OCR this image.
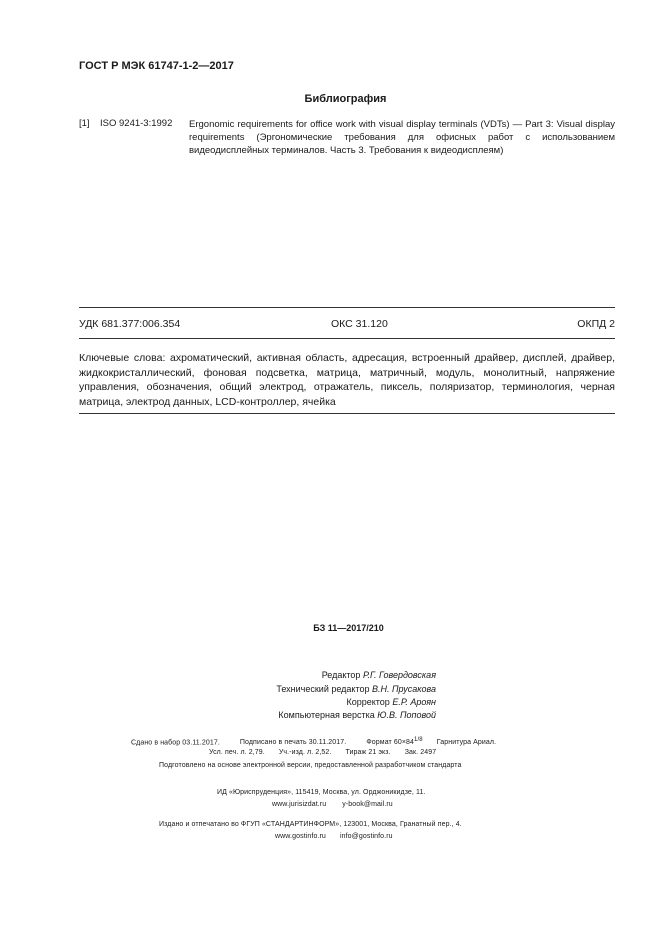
ГОСТ Р МЭК 61747-1-2—2017
Библиография
[1] ISO 9241-3:1992 Ergonomic requirements for office work with visual display terminals (VDTs) — Part 3: Visual display requirements (Эргономические требования для офисных работ с использованием видеодисплейных терминалов. Часть 3. Требования к видеодисплеям)
УДК 681.377:006.354	ОКС 31.120	ОКПД 2
Ключевые слова: ахроматический, активная область, адресация, встроенный драйвер, дисплей, драйвер, жидкокристаллический, фоновая подсветка, матрица, матричный, модуль, монолитный, напряжение управления, обозначения, общий электрод, отражатель, пиксель, поляризатор, терминология, черная матрица, электрод данных, LCD-контроллер, ячейка
БЗ 11—2017/210
Редактор Р.Г. Говердовская
Технический редактор В.Н. Прусакова
Корректор Е.Р. Ароян
Компьютерная верстка Ю.В. Поповой
Сдано в набор 03.11.2017.	Подписано в печать 30.11.2017.	Формат $60\times 84^{1/8}$ Гарнитура Ариал.
Усл. печ. л. 2,79. Уч.-изд. л. 2,52. Тираж 21 экз. Зак. 2497
Подготовлено на основе электронной версии, предоставленной разработчиком стандарта
ИД «Юриспруденция», 115419, Москва, ул. Орджоникидзе, 11.
www.jurisizdat.ru y-book@mail.ru
Издано и отпечатано во ФГУП «СТАНДАРТИНФОРМ», 123001, Москва, Гранатный пер., 4.
www.gostinfo.ru info@gostinfo.ru
